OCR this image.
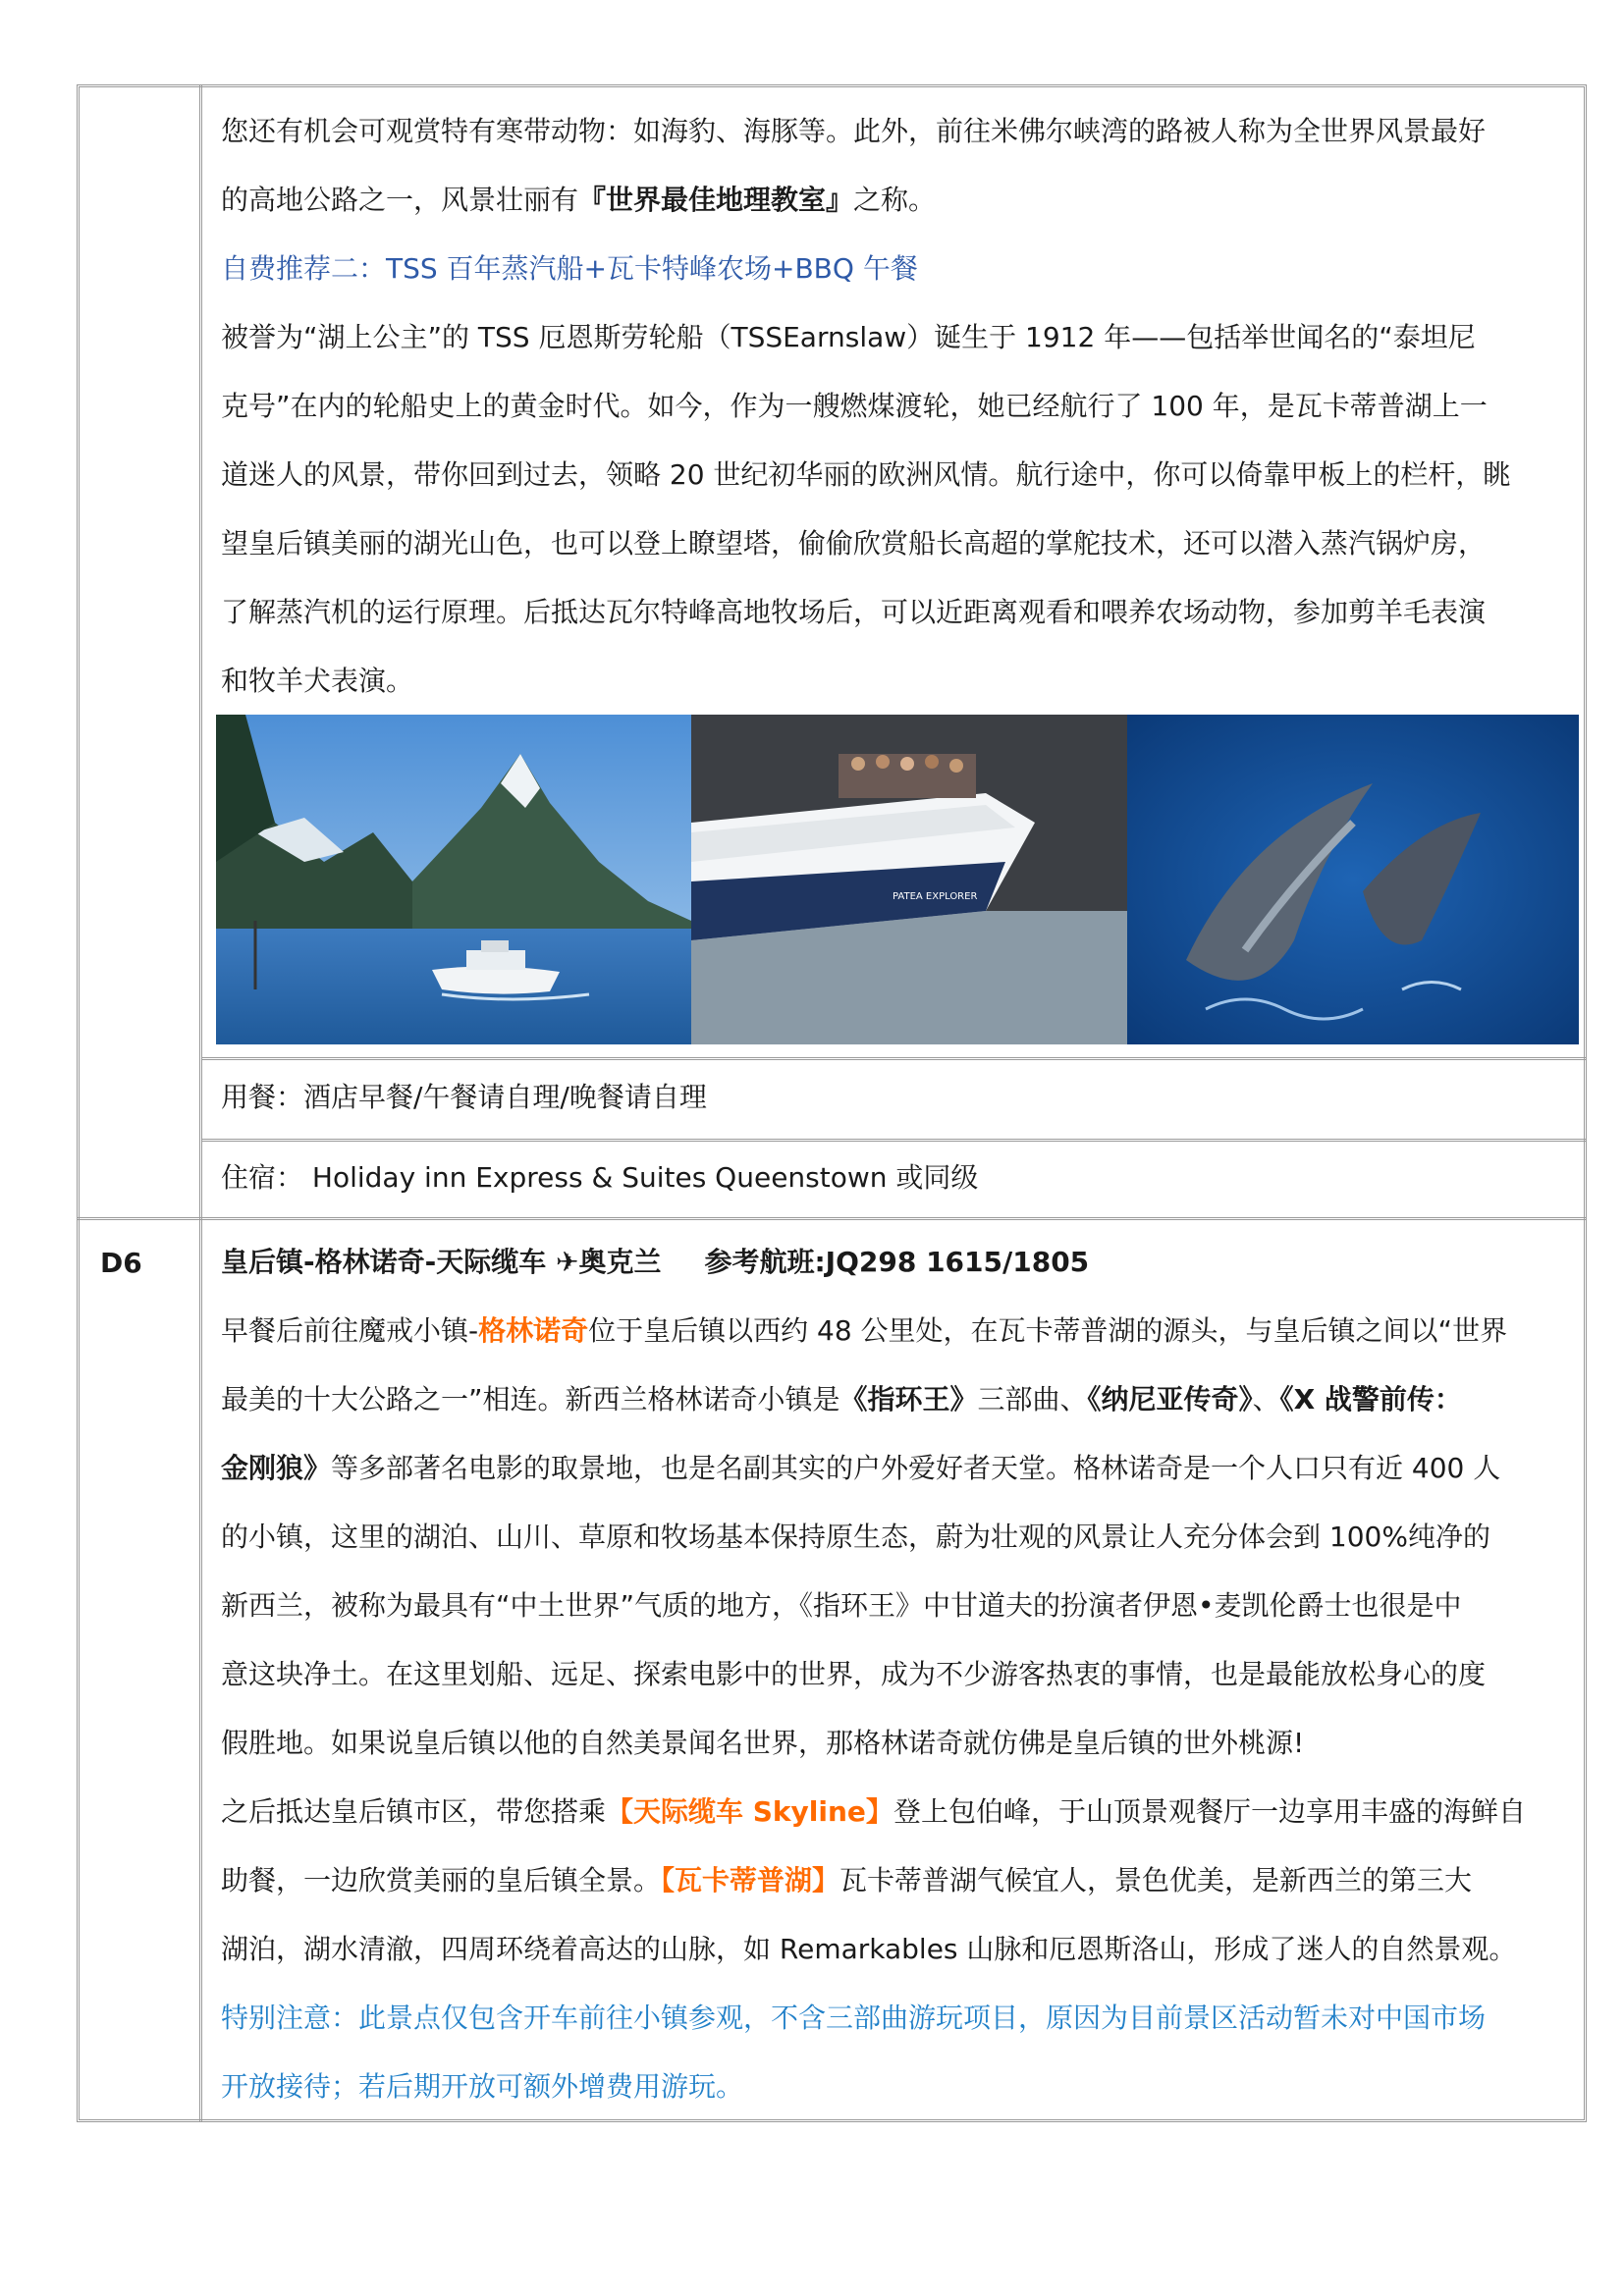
您还有机会可观赏特有寒带动物：如海豹、海豚等。此外，前往米佛尔峡湾的路被人称为全世界风景最好
的高地公路之一，风景壮丽有『世界最佳地理教室』之称。
自费推荐二：TSS 百年蒸汽船+瓦卡特峰农场+BBQ 午餐
被誉为“湖上公主”的 TSS 厄恩斯劳轮船（TSSEarnslaw）诞生于 1912 年——包括举世闻名的“泰坦尼
克号”在内的轮船史上的黄金时代。如今，作为一艘燃煤渡轮，她已经航行了 100 年，是瓦卡蒂普湖上一
道迷人的风景，带你回到过去，领略 20 世纪初华丽的欧洲风情。航行途中，你可以倚靠甲板上的栏杆，眺
望皇后镇美丽的湖光山色，也可以登上瞭望塔，偷偷欣赏船长高超的掌舵技术，还可以潜入蒸汽锅炉房，
了解蒸汽机的运行原理。后抵达瓦尔特峰高地牧场后，可以近距离观看和喂养农场动物，参加剪羊毛表演
和牧羊犬表演。
PATEA EXPLORER
用餐：酒店早餐/午餐请自理/晚餐请自理
住宿： Holiday inn Express & Suites Queenstown 或同级
D6	皇后镇-格林诺奇-天际缆车 ✈奥克兰 参考航班:JQ298 1615/1805
早餐后前往魔戒小镇-格林诺奇位于皇后镇以西约 48 公里处，在瓦卡蒂普湖的源头，与皇后镇之间以“世界
最美的十大公路之一”相连。新西兰格林诺奇小镇是《指环王》三部曲、《纳尼亚传奇》、《X 战警前传：
金刚狼》等多部著名电影的取景地，也是名副其实的户外爱好者天堂。格林诺奇是一个人口只有近 400 人
的小镇，这里的湖泊、山川、草原和牧场基本保持原生态，蔚为壮观的风景让人充分体会到 100%纯净的
新西兰，被称为最具有“中土世界”气质的地方，《指环王》中甘道夫的扮演者伊恩•麦凯伦爵士也很是中
意这块净土。在这里划船、远足、探索电影中的世界，成为不少游客热衷的事情，也是最能放松身心的度
假胜地。如果说皇后镇以他的自然美景闻名世界，那格林诺奇就仿佛是皇后镇的世外桃源!
之后抵达皇后镇市区，带您搭乘【天际缆车 Skyline】登上包伯峰，于山顶景观餐厅一边享用丰盛的海鲜自
助餐，一边欣赏美丽的皇后镇全景。【瓦卡蒂普湖】瓦卡蒂普湖气候宜人，景色优美，是新西兰的第三大
湖泊，湖水清澈，四周环绕着高达的山脉，如 Remarkables 山脉和厄恩斯洛山，形成了迷人的自然景观。
特别注意：此景点仅包含开车前往小镇参观，不含三部曲游玩项目，原因为目前景区活动暂未对中国市场
开放接待；若后期开放可额外增费用游玩。
